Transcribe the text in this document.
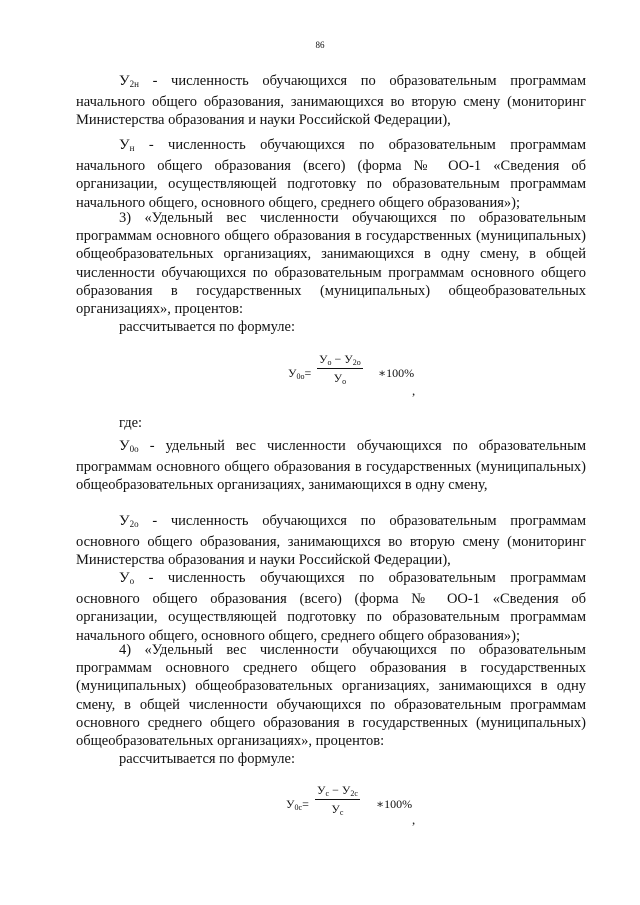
86
$У_{2н}$ - численность обучающихся по образовательным программам начального общего образования, занимающихся во вторую смену (мониторинг Министерства образования и науки Российской Федерации),
$У_н$ - численность обучающихся по образовательным программам начального общего образования (всего) (форма № ОО-1 «Сведения об организации, осуществляющей подготовку по образовательным программам начального общего, основного общего, среднего общего образования»);
3) «Удельный вес численности обучающихся по образовательным программам основного общего образования в государственных (муниципальных) общеобразовательных организациях, занимающихся в одну смену, в общей численности обучающихся по образовательным программам основного общего образования в государственных (муниципальных) общеобразовательных организациях», процентов:
рассчитывается по формуле:
$У_{0о}=$
$У_о - У_{2о}$
$У_о$
∗100%
,
где:
$У_{0о}$ - удельный вес численности обучающихся по образовательным программам основного общего образования в государственных (муниципальных) общеобразовательных организациях, занимающихся в одну смену,
$У_{2о}$ - численность обучающихся по образовательным программам основного общего образования, занимающихся во вторую смену (мониторинг Министерства образования и науки Российской Федерации),
$У_о$ - численность обучающихся по образовательным программам основного общего образования (всего) (форма № ОО-1 «Сведения об организации, осуществляющей подготовку по образовательным программам начального общего, основного общего, среднего общего образования»);
4) «Удельный вес численности обучающихся по образовательным программам основного среднего общего образования в государственных (муниципальных) общеобразовательных организациях, занимающихся в одну смену, в общей численности обучающихся по образовательным программам основного среднего общего образования в государственных (муниципальных) общеобразовательных организациях», процентов:
рассчитывается по формуле:
$У_{0с}=$
$У_с - У_{2с}$
$У_с$
∗100%
,
